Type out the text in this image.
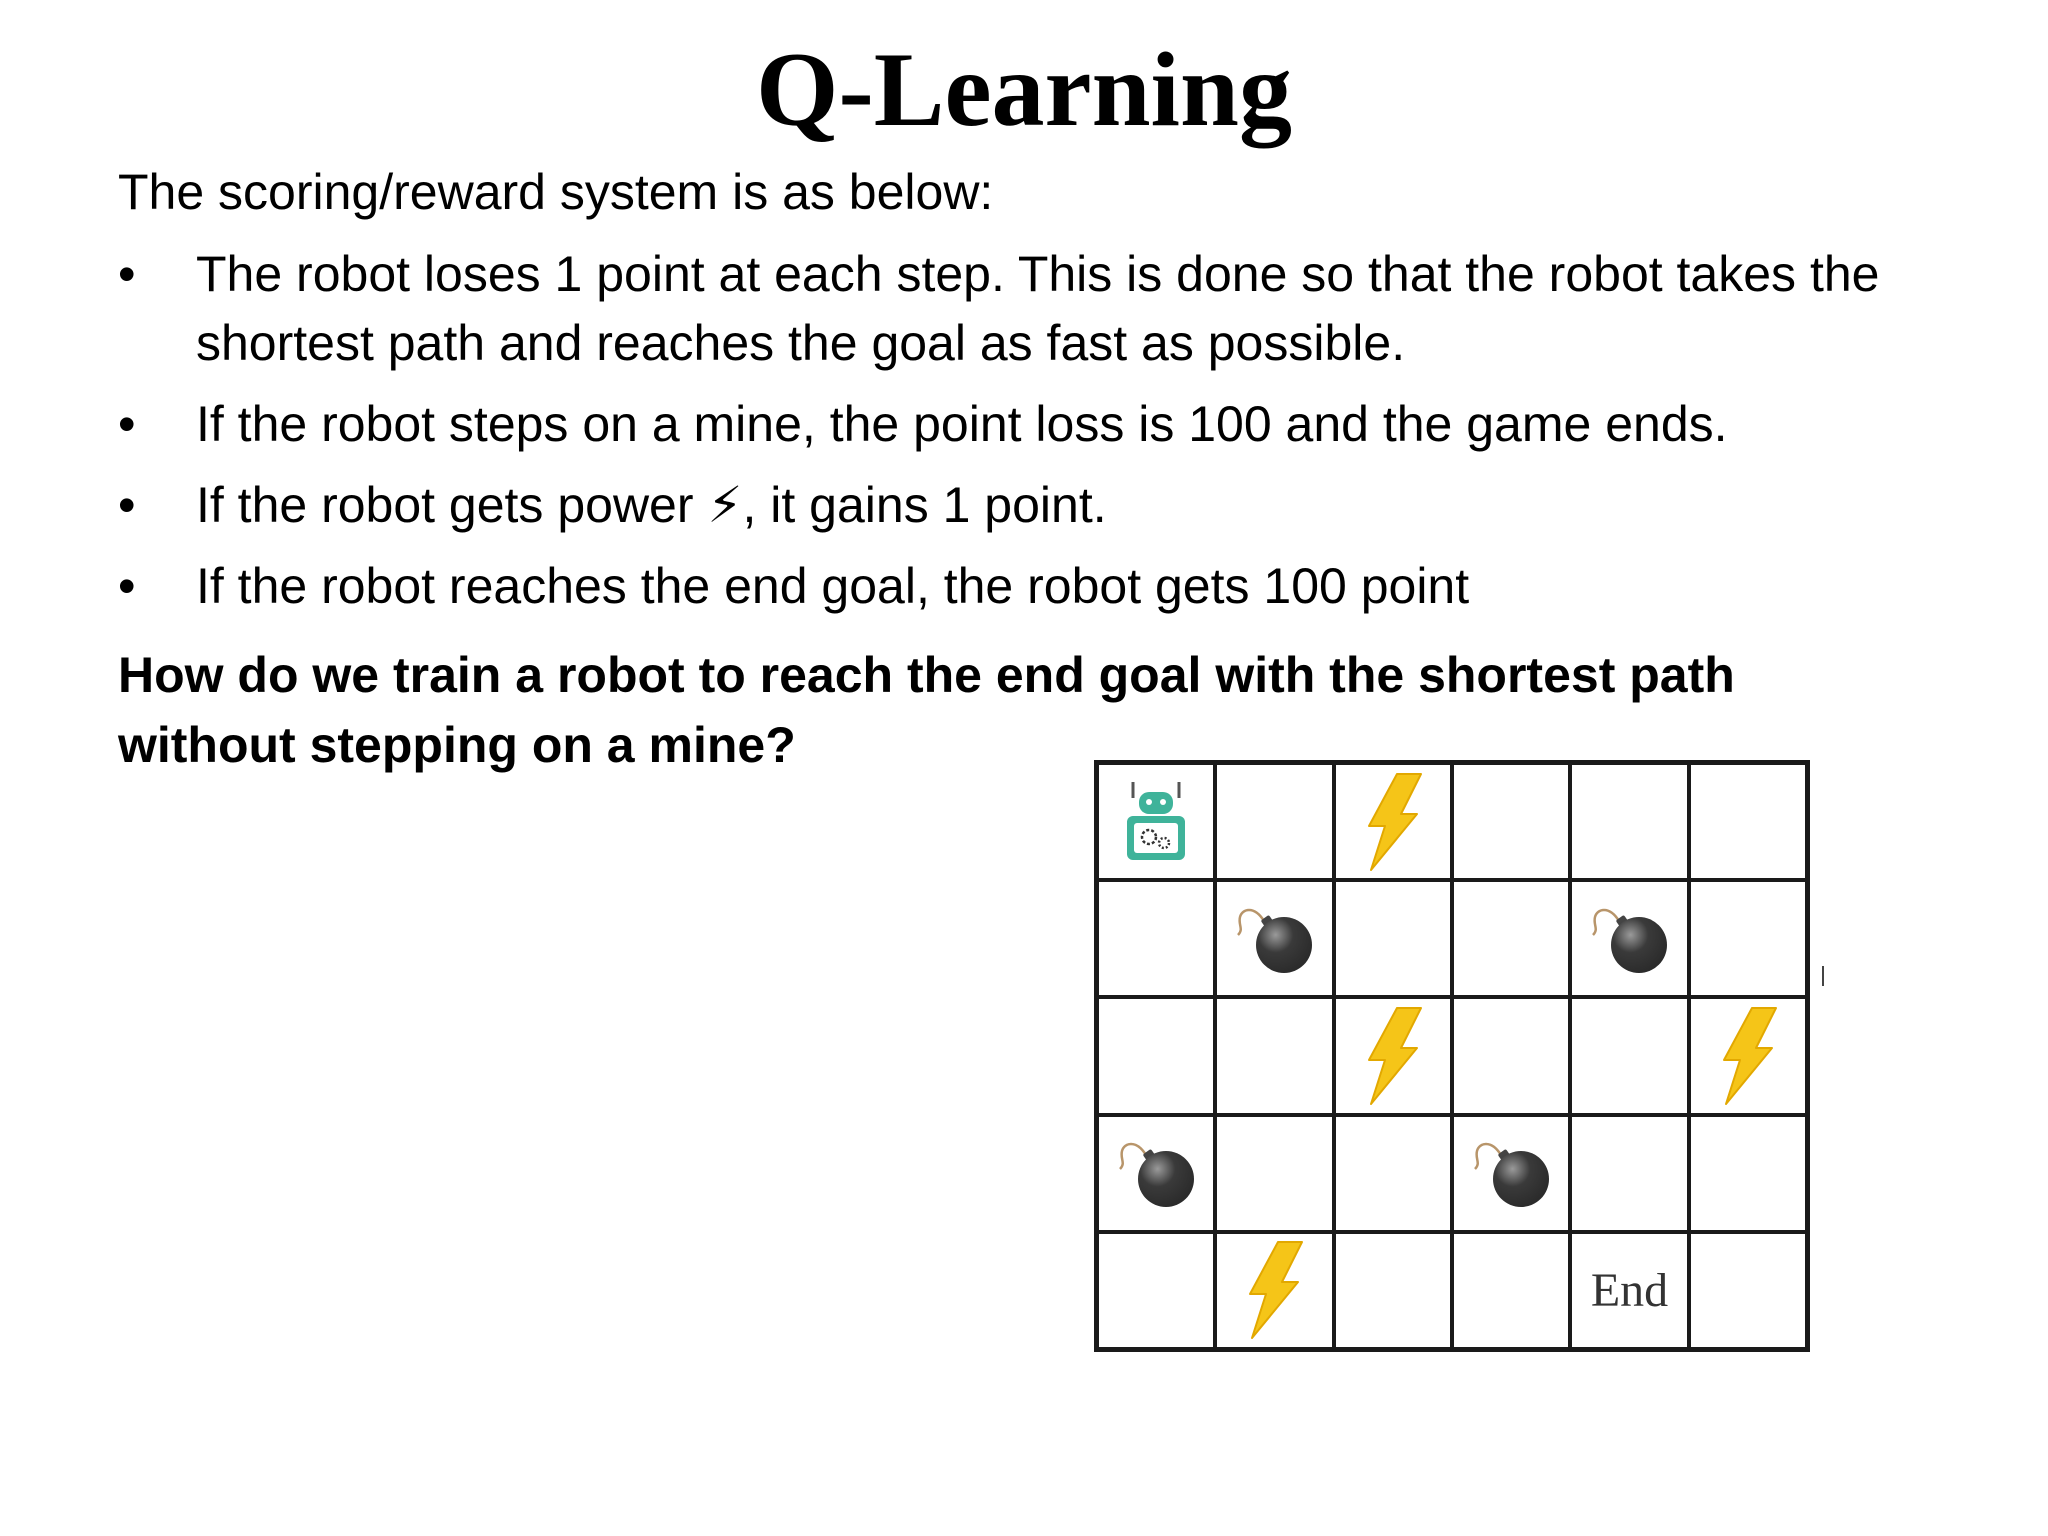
Q-Learning
The scoring/reward system is as below:
•	The robot loses 1 point at each step. This is done so that the robot takes the shortest path and reaches the goal as fast as possible.
•	If the robot steps on a mine, the point loss is 100 and the game ends.
•	If the robot gets power ⚡, it gains 1 point.
•	If the robot reaches the end goal, the robot gets 100 point
How do we train a robot to reach the end goal with the shortest path without stepping on a mine?
End
